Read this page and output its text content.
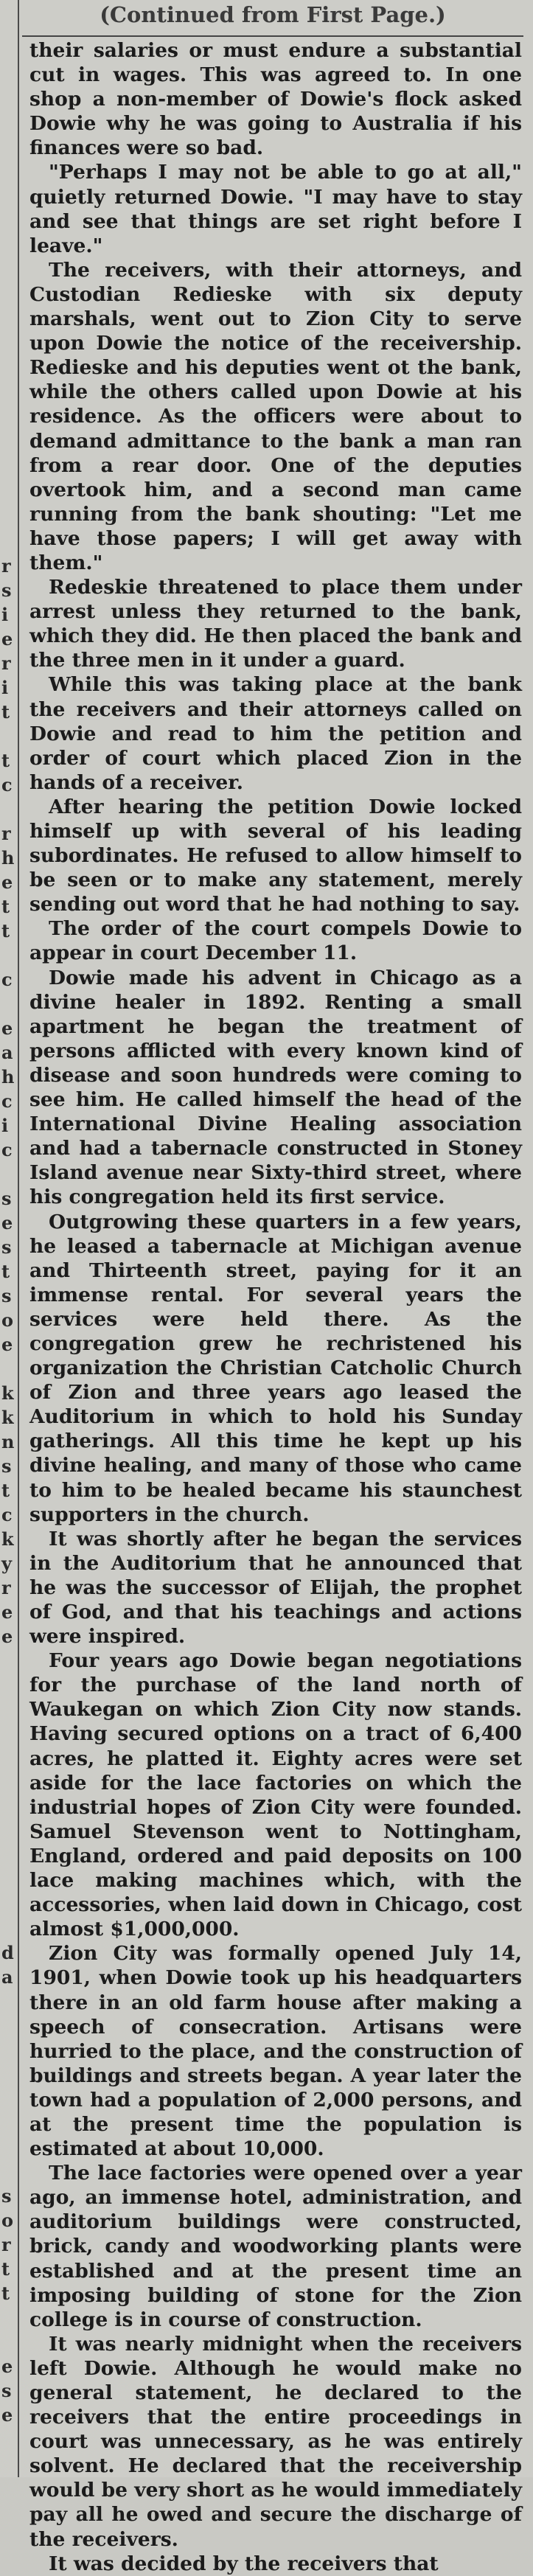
r
s
i
e
r
i
t
t
c
r
h
e
t
t
c
e
a
h
c
i
c
s
e
s
t
s
o
e
k
k
n
s
t
c
k
y
r
e
e
d
a
s
o
r
t
t
e
s
e
(Continued from First Page.)

their salaries or must endure a substantial cut in wages. This was agreed to. In one shop a non-member of Dowie's flock asked Dowie why he was going to Australia if his finances were so bad.

"Perhaps I may not be able to go at all," quietly returned Dowie. "I may have to stay and see that things are set right before I leave."

The receivers, with their attorneys, and Custodian Redieske with six deputy marshals, went out to Zion City to serve upon Dowie the notice of the receivership. Redieske and his deputies went ot the bank, while the others called upon Dowie at his residence. As the officers were about to demand admittance to the bank a man ran from a rear door. One of the deputies overtook him, and a second man came running from the bank shouting: "Let me have those papers; I will get away with them."

Redeskie threatened to place them under arrest unless they returned to the bank, which they did. He then placed the bank and the three men in it under a guard.

While this was taking place at the bank the receivers and their attorneys called on Dowie and read to him the petition and order of court which placed Zion in the hands of a receiver.

After hearing the petition Dowie locked himself up with several of his leading subordinates. He refused to allow himself to be seen or to make any statement, merely sending out word that he had nothing to say.

The order of the court compels Dowie to appear in court December 11.

Dowie made his advent in Chicago as a divine healer in 1892. Renting a small apartment he began the treatment of persons afflicted with every known kind of disease and soon hundreds were coming to see him. He called himself the head of the International Divine Healing association and had a tabernacle constructed in Stoney Island avenue near Sixty-third street, where his congregation held its first service.

Outgrowing these quarters in a few years, he leased a tabernacle at Michigan avenue and Thirteenth street, paying for it an immense rental. For several years the services were held there. As the congregation grew he rechristened his organization the Christian Catcholic Church of Zion and three years ago leased the Auditorium in which to hold his Sunday gatherings. All this time he kept up his divine healing, and many of those who came to him to be healed became his staunchest supporters in the church.

It was shortly after he began the services in the Auditorium that he announced that he was the successor of Elijah, the prophet of God, and that his teachings and actions were inspired.

Four years ago Dowie began negotiations for the purchase of the land north of Waukegan on which Zion City now stands. Having secured options on a tract of 6,400 acres, he platted it. Eighty acres were set aside for the lace factories on which the industrial hopes of Zion City were founded. Samuel Stevenson went to Nottingham, England, ordered and paid deposits on 100 lace making machines which, with the accessories, when laid down in Chicago, cost almost $1,000,000.

Zion City was formally opened July 14, 1901, when Dowie took up his headquarters there in an old farm house after making a speech of consecration. Artisans were hurried to the place, and the construction of buildings and streets began. A year later the town had a population of 2,000 persons, and at the present time the population is estimated at about 10,000.

The lace factories were opened over a year ago, an immense hotel, administration, and auditorium buildings were constructed, brick, candy and woodworking plants were established and at the present time an imposing building of stone for the Zion college is in course of construction.

It was nearly midnight when the receivers left Dowie. Although he would make no general statement, he declared to the receivers that the entire proceedings in court was unnecessary, as he was entirely solvent. He declared that the receivership would be very short as he would immediately pay all he owed and secure the discharge of the receivers.

It was decided by the receivers that
